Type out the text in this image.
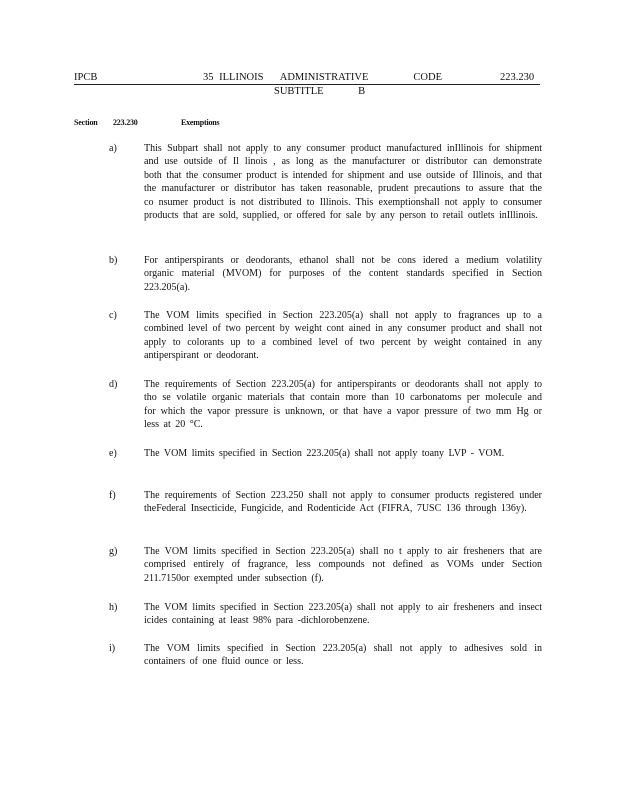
IPCB	35 ILLINOIS   ADMINISTRATIVE        CODE	223.230
SUBTITLE    B
Section 223.230	Exemptions
a)	This Subpart shall not apply to any consumer product manufactured inIllinois for shipment and use outside of Il linois , as long as the manufacturer or distributor can demonstrate both that the consumer product is intended for shipment and use outside of Illinois, and that the manufacturer or distributor has taken reasonable, prudent precautions to assure that the co nsumer product is not distributed to Illinois. This exemptionshall not apply to consumer products that are sold, supplied, or offered for sale by any person to retail outlets inIllinois.
b)	For antiperspirants or deodorants, ethanol shall not be cons idered a medium volatility organic material (MVOM) for purposes of the content standards specified in Section 223.205(a).
c)	The VOM limits specified in Section 223.205(a) shall not apply to fragrances up to a combined level of two percent by weight cont ained in any consumer product and shall not apply to colorants up to a combined level of two percent by weight contained in any antiperspirant or deodorant.
d)	The requirements of Section 223.205(a) for antiperspirants or deodorants shall not apply to tho se volatile organic materials that contain more than 10 carbonatoms per molecule and for which the vapor pressure is unknown, or that have a vapor pressure of two mm Hg or less at 20 °C.
e)	The VOM limits specified in Section 223.205(a) shall not apply toany LVP - VOM.
f)	The requirements of Section 223.250 shall not apply to consumer products registered under theFederal Insecticide, Fungicide, and Rodenticide Act (FIFRA, 7USC 136 through 136y).
g)	The VOM limits specified in Section 223.205(a) shall no t apply to air fresheners that are comprised entirely of fragrance, less compounds not defined as VOMs under Section 211.7150or exempted under subsection (f).
h)	The VOM limits specified in Section 223.205(a) shall not apply to air fresheners and insect icides containing at least 98% para -dichlorobenzene.
i)	The VOM limits specified in Section 223.205(a) shall not apply to adhesives sold in containers of one fluid ounce or less.
